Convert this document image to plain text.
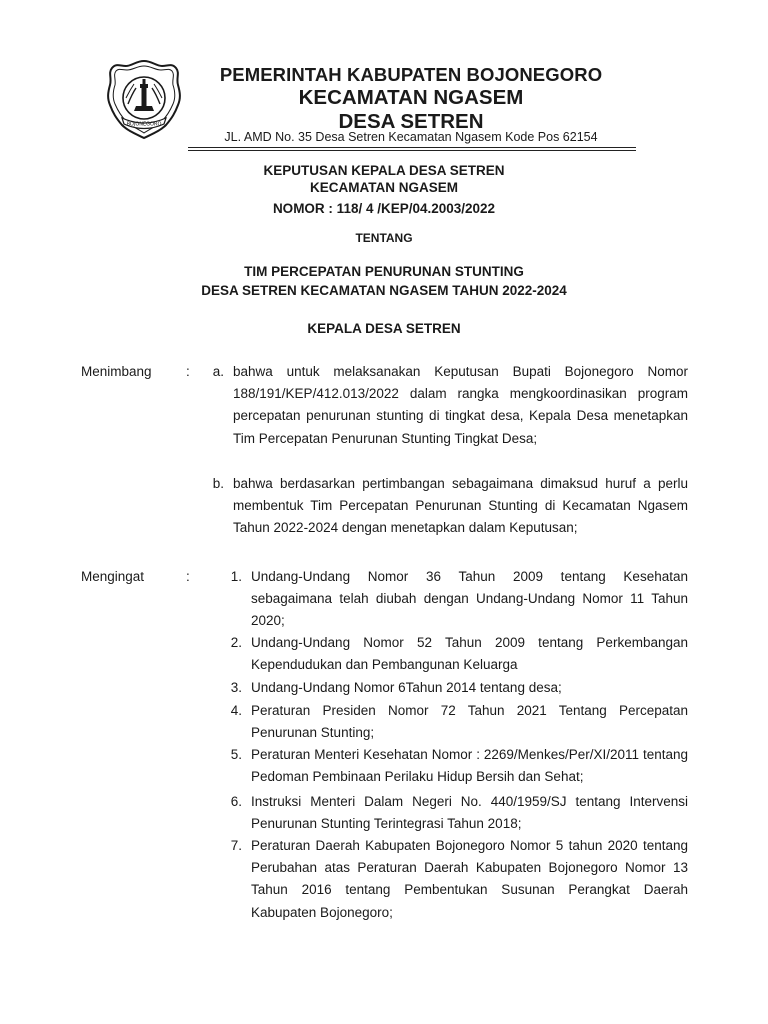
BOJONEGORO
PEMERINTAH KABUPATEN BOJONEGORO
KECAMATAN NGASEM
DESA SETREN
JL. AMD No. 35 Desa Setren Kecamatan Ngasem Kode Pos 62154
KEPUTUSAN KEPALA DESA SETREN
KECAMATAN NGASEM
NOMOR : 118/ 4 /KEP/04.2003/2022
TENTANG
TIM PERCEPATAN PENURUNAN STUNTING
DESA SETREN KECAMATAN NGASEM TAHUN 2022-2024
KEPALA DESA SETREN
Menimbang	:	a. bahwa untuk melaksanakan Keputusan Bupati Bojonegoro Nomor 188/191/KEP/412.013/2022 dalam rangka mengkoordinasikan program percepatan penurunan stunting di tingkat desa, Kepala Desa menetapkan Tim Percepatan Penurunan Stunting Tingkat Desa;
b. bahwa berdasarkan pertimbangan sebagaimana dimaksud huruf a perlu membentuk Tim Percepatan Penurunan Stunting di Kecamatan Ngasem Tahun 2022-2024 dengan menetapkan dalam Keputusan;
Mengingat	:	1. Undang-Undang Nomor 36 Tahun 2009 tentang Kesehatan sebagaimana telah diubah dengan Undang-Undang Nomor 11 Tahun 2020;
2. Undang-Undang Nomor 52 Tahun 2009 tentang Perkembangan Kependudukan dan Pembangunan Keluarga
3. Undang-Undang Nomor 6Tahun 2014 tentang desa;
4. Peraturan Presiden Nomor 72 Tahun 2021 Tentang Percepatan Penurunan Stunting;
5. Peraturan Menteri Kesehatan Nomor : 2269/Menkes/Per/XI/2011 tentang Pedoman Pembinaan Perilaku Hidup Bersih dan Sehat;
6. Instruksi Menteri Dalam Negeri No. 440/1959/SJ tentang Intervensi Penurunan Stunting Terintegrasi Tahun 2018;
7. Peraturan Daerah Kabupaten Bojonegoro Nomor 5 tahun 2020 tentang Perubahan atas Peraturan Daerah Kabupaten Bojonegoro Nomor 13 Tahun 2016 tentang Pembentukan Susunan Perangkat Daerah Kabupaten Bojonegoro;
